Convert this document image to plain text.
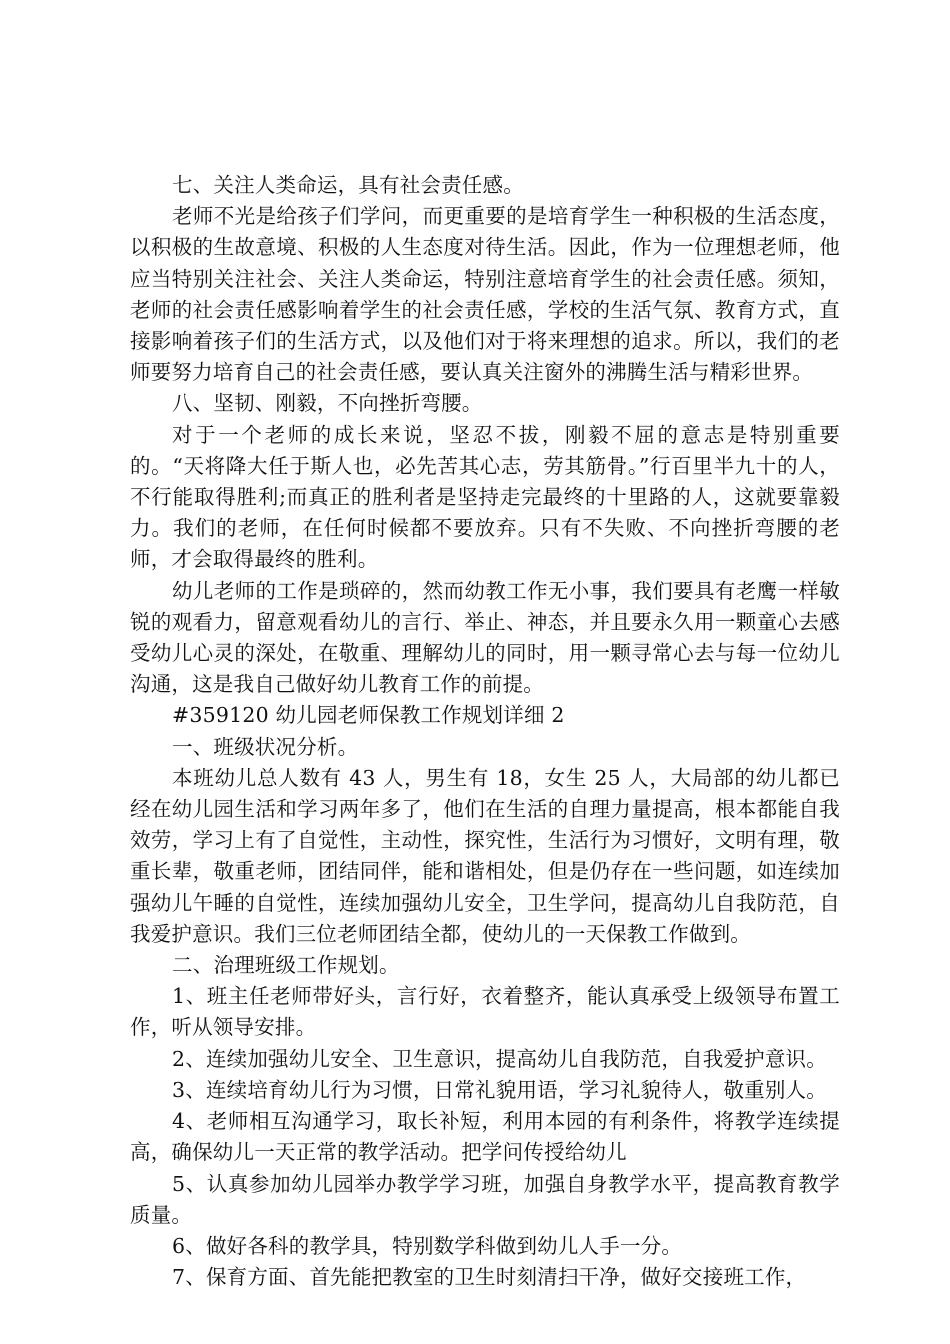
七、关注人类命运，具有社会责任感。

老师不光是给孩子们学问，而更重要的是培育学生一种积极的生活态度，以积极的生故意境、积极的人生态度对待生活。因此，作为一位理想老师，他应当特别关注社会、关注人类命运，特别注意培育学生的社会责任感。须知，老师的社会责任感影响着学生的社会责任感，学校的生活气氛、教育方式，直接影响着孩子们的生活方式，以及他们对于将来理想的追求。所以，我们的老师要努力培育自己的社会责任感，要认真关注窗外的沸腾生活与精彩世界。

八、坚韧、刚毅，不向挫折弯腰。

对于一个老师的成长来说，坚忍不拔，刚毅不屈的意志是特别重要的。“天将降大任于斯人也，必先苦其心志，劳其筋骨。”行百里半九十的人，不行能取得胜利;而真正的胜利者是坚持走完最终的十里路的人，这就要靠毅力。我们的老师，在任何时候都不要放弃。只有不失败、不向挫折弯腰的老师，才会取得最终的胜利。

幼儿老师的工作是琐碎的，然而幼教工作无小事，我们要具有老鹰一样敏锐的观看力，留意观看幼儿的言行、举止、神态，并且要永久用一颗童心去感受幼儿心灵的深处，在敬重、理解幼儿的同时，用一颗寻常心去与每一位幼儿沟通，这是我自己做好幼儿教育工作的前提。

#359120 幼儿园老师保教工作规划详细 2

一、班级状况分析。

本班幼儿总人数有 43 人，男生有 18，女生 25 人，大局部的幼儿都已经在幼儿园生活和学习两年多了，他们在生活的自理力量提高，根本都能自我效劳，学习上有了自觉性，主动性，探究性，生活行为习惯好，文明有理，敬重长辈，敬重老师，团结同伴，能和谐相处，但是仍存在一些问题，如连续加强幼儿午睡的自觉性，连续加强幼儿安全，卫生学问，提高幼儿自我防范，自我爱护意识。我们三位老师团结全都，使幼儿的一天保教工作做到。

二、治理班级工作规划。

1、班主任老师带好头，言行好，衣着整齐，能认真承受上级领导布置工作，听从领导安排。

2、连续加强幼儿安全、卫生意识，提高幼儿自我防范，自我爱护意识。

3、连续培育幼儿行为习惯，日常礼貌用语，学习礼貌待人，敬重别人。

4、老师相互沟通学习，取长补短，利用本园的有利条件，将教学连续提高，确保幼儿一天正常的教学活动。把学问传授给幼儿

5、认真参加幼儿园举办教学学习班，加强自身教学水平，提高教育教学质量。

6、做好各科的教学具，特别数学科做到幼儿人手一分。

7、保育方面、首先能把教室的卫生时刻清扫干净，做好交接班工作，
